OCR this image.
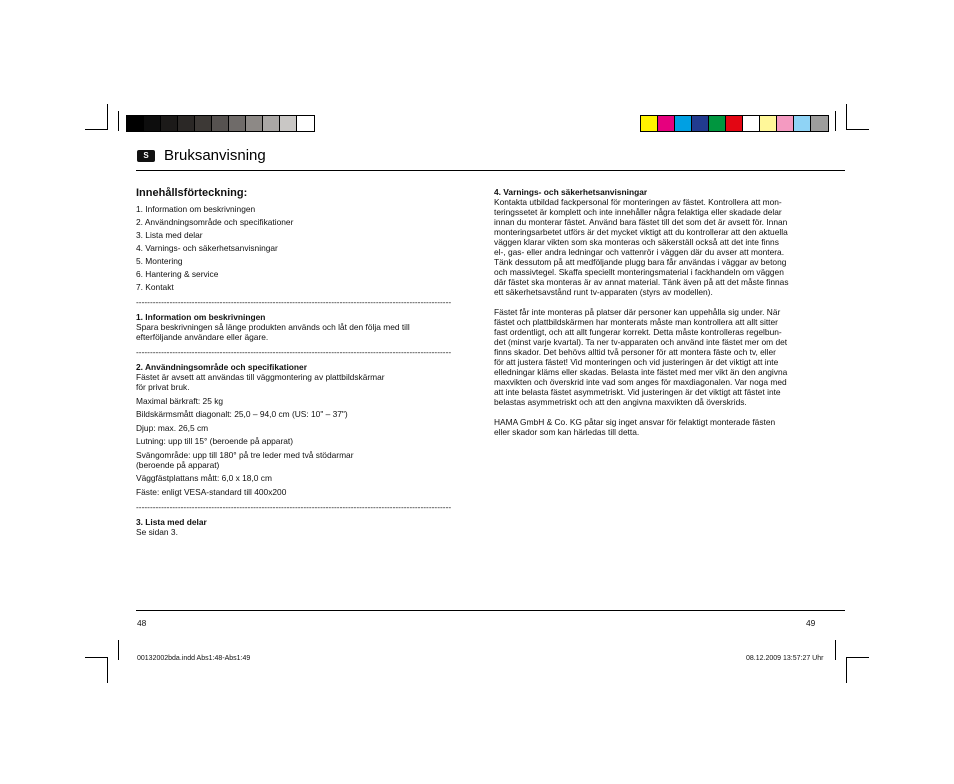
S	Bruksanvisning
Innehållsförteckning:
1. Information om beskrivningen
2. Användningsområde och specifikationer
3. Lista med delar
4. Varnings- och säkerhetsanvisningar
5. Montering
6. Hantering & service
7. Kontakt
-----------------------------------------------------------------------------------------------------------------
1. Information om beskrivningen
Spara beskrivningen så länge produkten används och låt den följa med till
efterföljande användare eller ägare.
-----------------------------------------------------------------------------------------------------------------
2. Användningsområde och specifikationer
Fästet är avsett att användas till väggmontering av plattbildskärmar
för privat bruk.
Maximal bärkraft: 25 kg
Bildskärmsmått diagonalt: 25,0 – 94,0 cm (US: 10" – 37")
Djup: max. 26,5 cm
Lutning: upp till 15° (beroende på apparat)
Svängområde: upp till 180° på tre leder med två stödarmar
(beroende på apparat)
Väggfästplattans mått: 6,0 x 18,0 cm
Fäste: enligt VESA-standard till 400x200
-----------------------------------------------------------------------------------------------------------------
3. Lista med delar
Se sidan 3.
4. Varnings- och säkerhetsanvisningar
Kontakta utbildad fackpersonal för monteringen av fästet. Kontrollera att mon-
teringssetet är komplett och inte innehåller några felaktiga eller skadade delar
innan du monterar fästet. Använd bara fästet till det som det är avsett för. Innan
monteringsarbetet utförs är det mycket viktigt att du kontrollerar att den aktuella
väggen klarar vikten som ska monteras och säkerställ också att det inte finns
el-, gas- eller andra ledningar och vattenrör i väggen där du avser att montera.
Tänk dessutom på att medföljande plugg bara får användas i väggar av betong
och massivtegel. Skaffa speciellt monteringsmaterial i fackhandeln om väggen
där fästet ska monteras är av annat material. Tänk även på att det måste finnas
ett säkerhetsavstånd runt tv-apparaten (styrs av modellen).
Fästet får inte monteras på platser där personer kan uppehålla sig under. När
fästet och plattbildskärmen har monterats måste man kontrollera att allt sitter
fast ordentligt, och att allt fungerar korrekt. Detta måste kontrolleras regelbun-
det (minst varje kvartal). Ta ner tv-apparaten och använd inte fästet mer om det
finns skador. Det behövs alltid två personer för att montera fäste och tv, eller
för att justera fästet! Vid monteringen och vid justeringen är det viktigt att inte
elledningar kläms eller skadas. Belasta inte fästet med mer vikt än den angivna
maxvikten och överskrid inte vad som anges för maxdiagonalen. Var noga med
att inte belasta fästet asymmetriskt. Vid justeringen är det viktigt att fästet inte
belastas asymmetriskt och att den angivna maxvikten då överskrids.
HAMA GmbH & Co. KG påtar sig inget ansvar för felaktigt monterade fästen
eller skador som kan härledas till detta.
48	49
00132002bda.indd Abs1:48-Abs1:49	08.12.2009 13:57:27 Uhr
